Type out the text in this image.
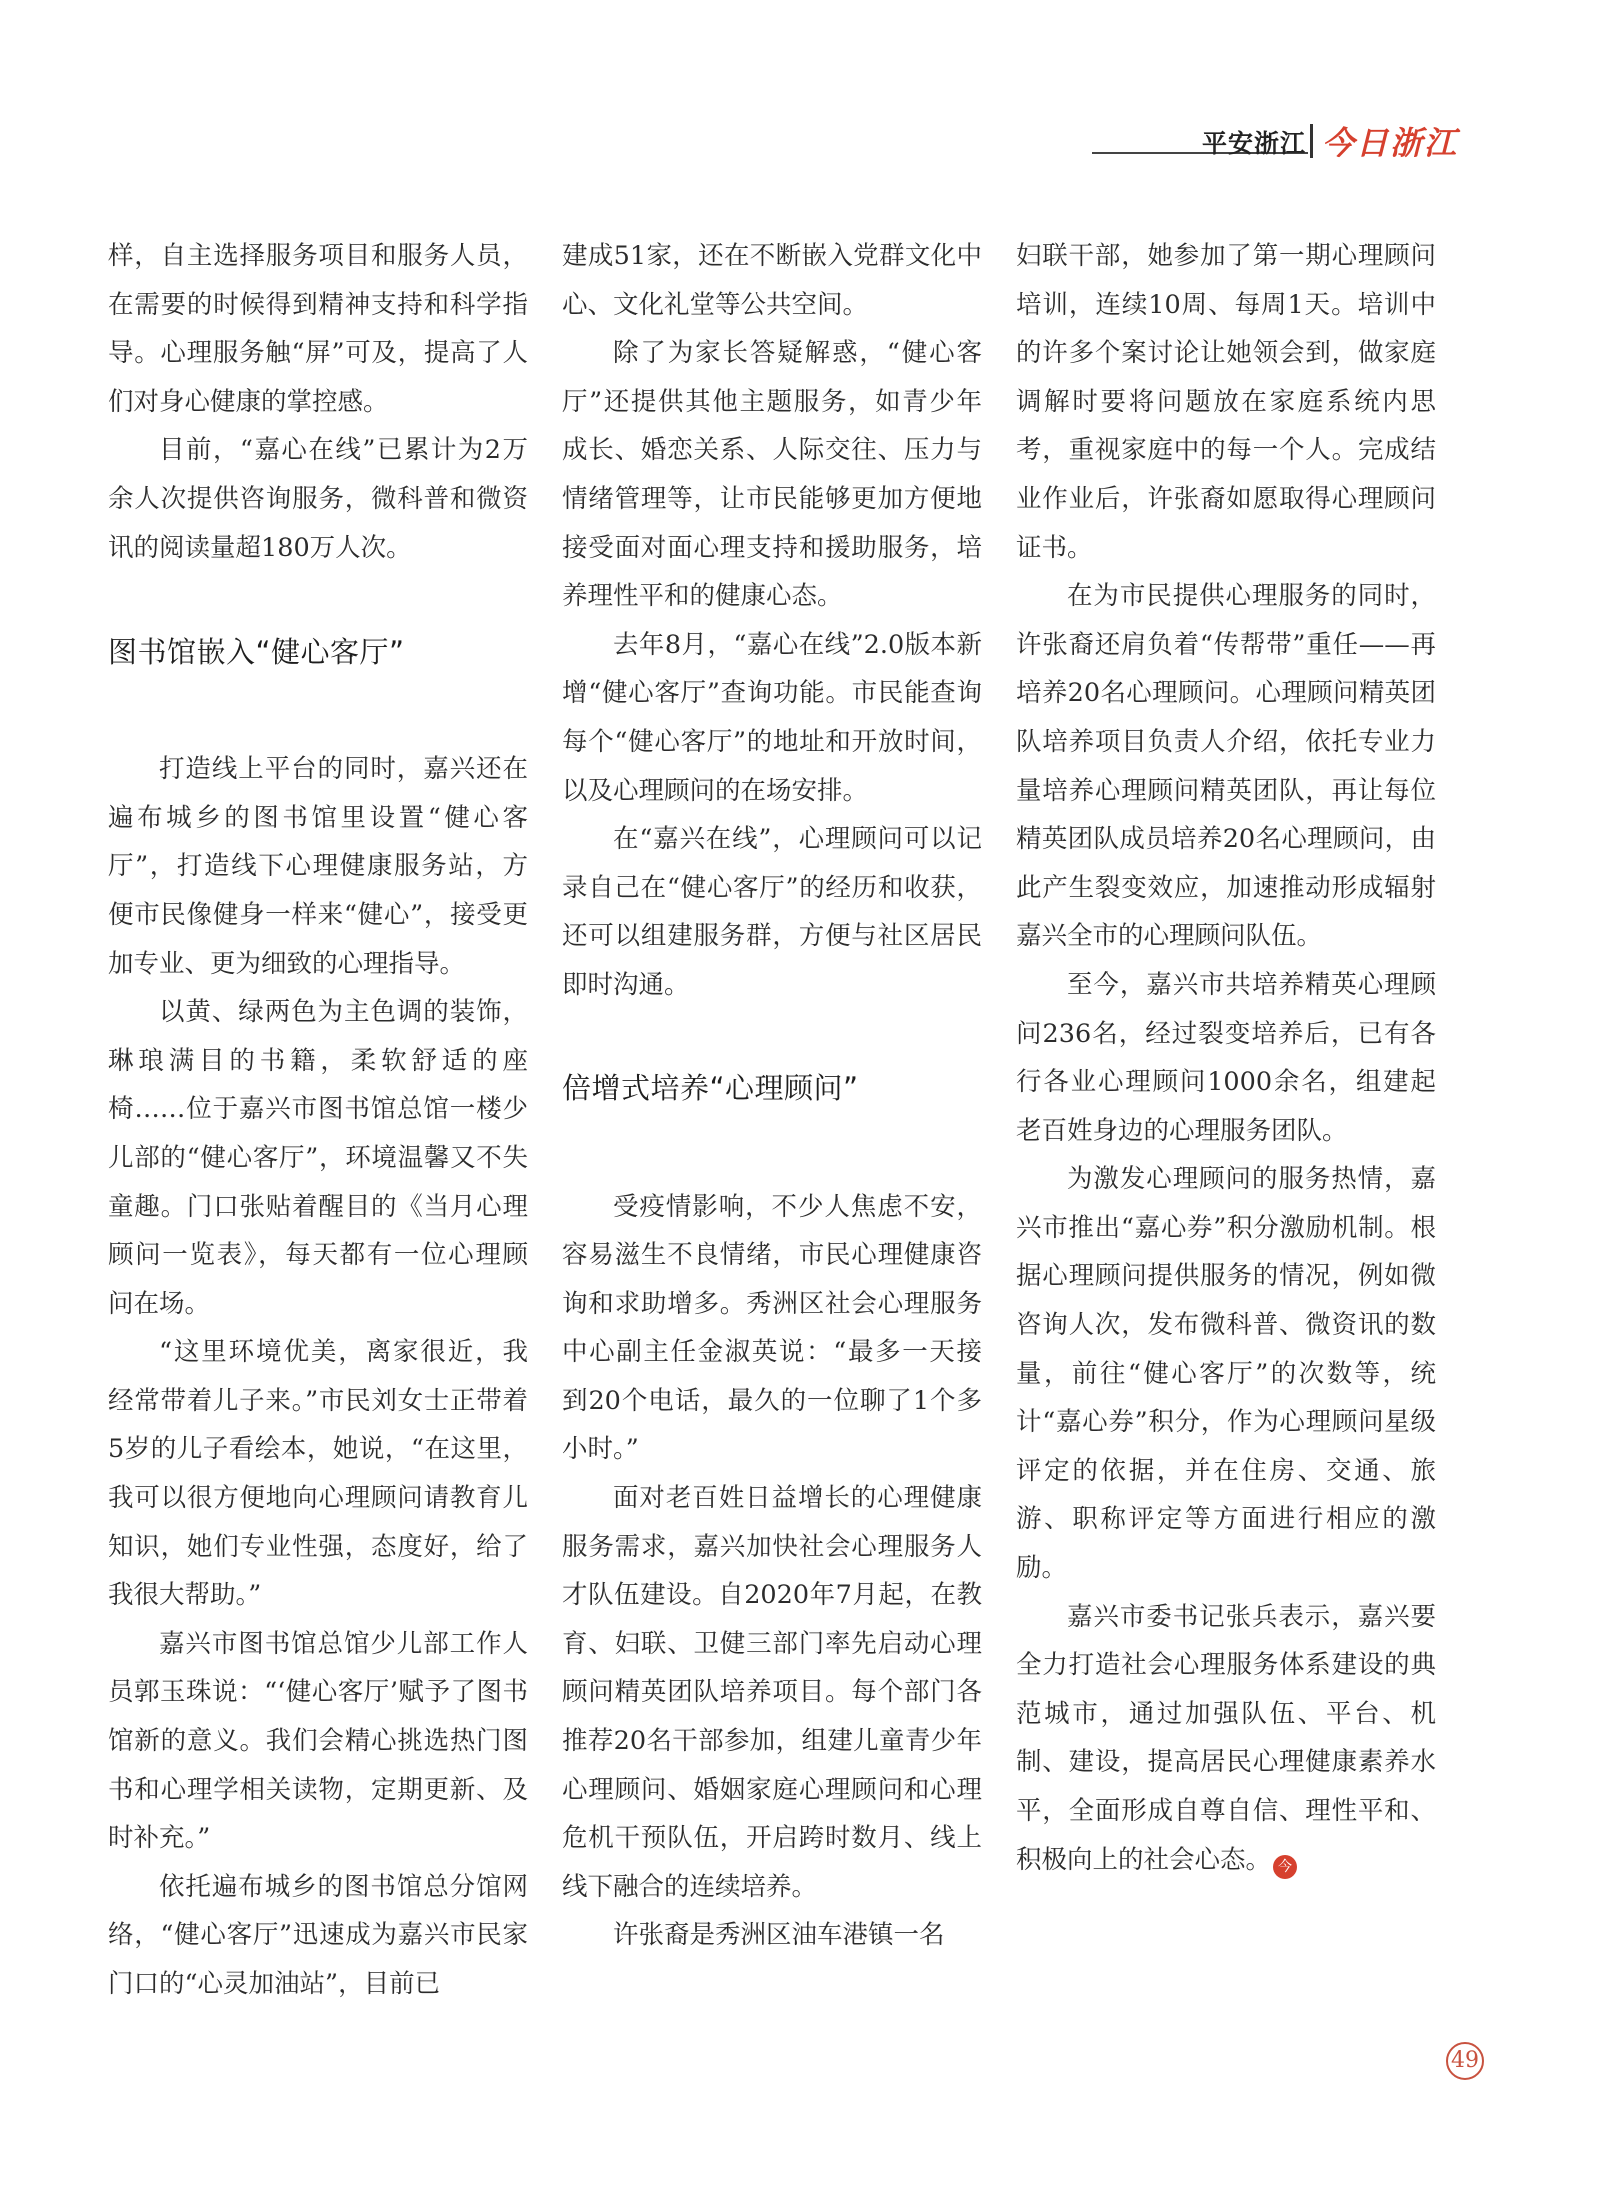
平安浙江 今日浙江

样，自主选择服务项目和服务人员，在需要的时候得到精神支持和科学指导。心理服务触“屏”可及，提高了人们对身心健康的掌控感。

目前，“嘉心在线”已累计为2万余人次提供咨询服务，微科普和微资讯的阅读量超180万人次。

图书馆嵌入“健心客厅”

打造线上平台的同时，嘉兴还在遍布城乡的图书馆里设置“健心客厅”，打造线下心理健康服务站，方便市民像健身一样来“健心”，接受更加专业、更为细致的心理指导。

以黄、绿两色为主色调的装饰，琳琅满目的书籍，柔软舒适的座椅……位于嘉兴市图书馆总馆一楼少儿部的“健心客厅”，环境温馨又不失童趣。门口张贴着醒目的《当月心理顾问一览表》，每天都有一位心理顾问在场。

“这里环境优美，离家很近，我经常带着儿子来。”市民刘女士正带着5岁的儿子看绘本，她说，“在这里，我可以很方便地向心理顾问请教育儿知识，她们专业性强，态度好，给了我很大帮助。”

嘉兴市图书馆总馆少儿部工作人员郭玉珠说：“‘健心客厅’赋予了图书馆新的意义。我们会精心挑选热门图书和心理学相关读物，定期更新、及时补充。”

依托遍布城乡的图书馆总分馆网络，“健心客厅”迅速成为嘉兴市民家门口的“心灵加油站”，目前已

建成51家，还在不断嵌入党群文化中心、文化礼堂等公共空间。

除了为家长答疑解惑，“健心客厅”还提供其他主题服务，如青少年成长、婚恋关系、人际交往、压力与情绪管理等，让市民能够更加方便地接受面对面心理支持和援助服务，培养理性平和的健康心态。

去年8月，“嘉心在线”2.0版本新增“健心客厅”查询功能。市民能查询每个“健心客厅”的地址和开放时间，以及心理顾问的在场安排。

在“嘉兴在线”，心理顾问可以记录自己在“健心客厅”的经历和收获，还可以组建服务群，方便与社区居民即时沟通。

倍增式培养“心理顾问”

受疫情影响，不少人焦虑不安，容易滋生不良情绪，市民心理健康咨询和求助增多。秀洲区社会心理服务中心副主任金淑英说：“最多一天接到20个电话，最久的一位聊了1个多小时。”

面对老百姓日益增长的心理健康服务需求，嘉兴加快社会心理服务人才队伍建设。自2020年7月起，在教育、妇联、卫健三部门率先启动心理顾问精英团队培养项目。每个部门各推荐20名干部参加，组建儿童青少年心理顾问、婚姻家庭心理顾问和心理危机干预队伍，开启跨时数月、线上线下融合的连续培养。

许张裔是秀洲区油车港镇一名

妇联干部，她参加了第一期心理顾问培训，连续10周、每周1天。培训中的许多个案讨论让她领会到，做家庭调解时要将问题放在家庭系统内思考，重视家庭中的每一个人。完成结业作业后，许张裔如愿取得心理顾问证书。

在为市民提供心理服务的同时，许张裔还肩负着“传帮带”重任——再培养20名心理顾问。心理顾问精英团队培养项目负责人介绍，依托专业力量培养心理顾问精英团队，再让每位精英团队成员培养20名心理顾问，由此产生裂变效应，加速推动形成辐射嘉兴全市的心理顾问队伍。

至今，嘉兴市共培养精英心理顾问236名，经过裂变培养后，已有各行各业心理顾问1000余名，组建起老百姓身边的心理服务团队。

为激发心理顾问的服务热情，嘉兴市推出“嘉心券”积分激励机制。根据心理顾问提供服务的情况，例如微咨询人次，发布微科普、微资讯的数量，前往“健心客厅”的次数等，统计“嘉心券”积分，作为心理顾问星级评定的依据，并在住房、交通、旅游、职称评定等方面进行相应的激励。

嘉兴市委书记张兵表示，嘉兴要全力打造社会心理服务体系建设的典范城市，通过加强队伍、平台、机制、建设，提高居民心理健康素养水平，全面形成自尊自信、理性平和、积极向上的社会心态。 今

49
